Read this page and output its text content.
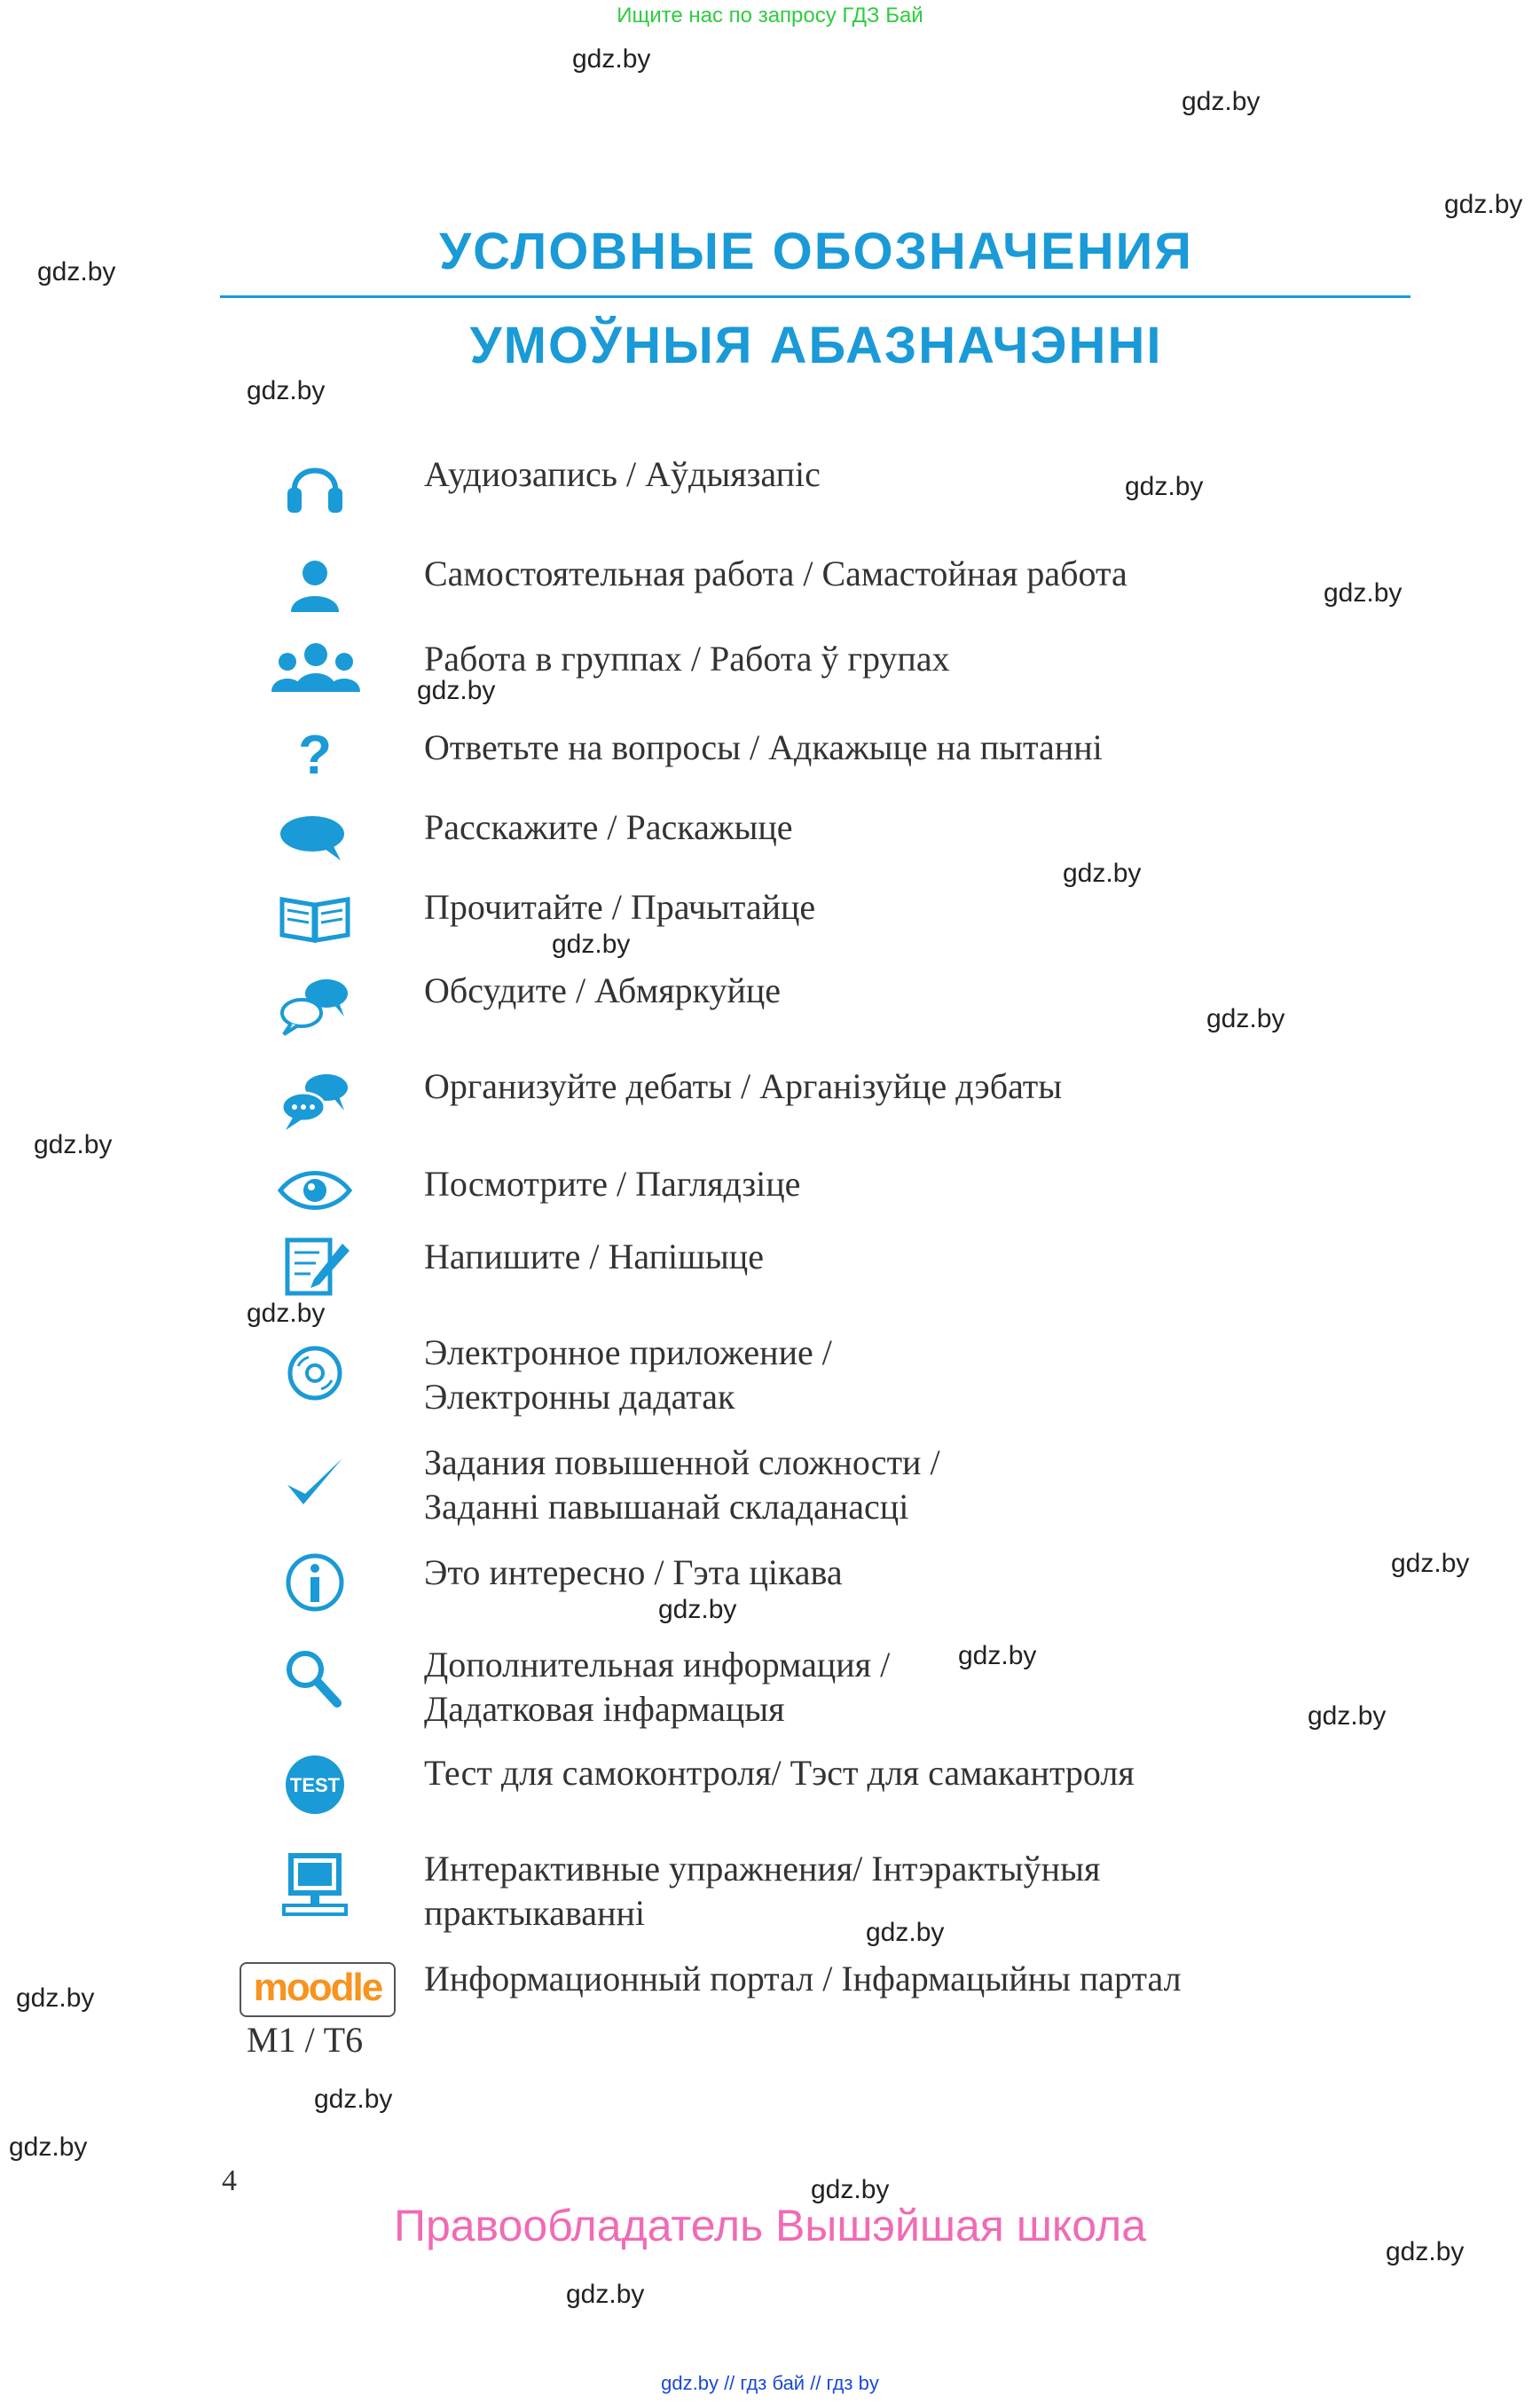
Ищите нас по запросу ГДЗ Бай
gdz.by
gdz.by
gdz.by
gdz.by
gdz.by
gdz.by
gdz.by
gdz.by
gdz.by
gdz.by
gdz.by
gdz.by
gdz.by
gdz.by
gdz.by
gdz.by
gdz.by
gdz.by
gdz.by
gdz.by
gdz.by
gdz.by
gdz.by
gdz.by
УСЛОВНЫЕ ОБОЗНАЧЕНИЯ
УМОЎНЫЯ АБАЗНАЧЭННІ
Аудиозапись / Аўдыязапіс
Самостоятельная работа / Самастойная работа
Работа в группах / Работа ў групах
?	Ответьте на вопросы / Адкажыце на пытанні
Расскажите / Раскажыце
Прочитайте / Прачытайце
Обсудите / Абмяркуйце
Организуйте дебаты / Арганізуйце дэбаты
Посмотрите / Паглядзіце
Напишите / Напішыце
Электронное приложение /
Электронны дадатак
Задания повышенной сложности /
Заданні павышанай складанасці
Это интересно / Гэта цікава
Дополнительная информация /
Дадатковая інфармацыя
TEST Тест для самоконтроля/ Тэст для самакантроля
Интерактивные упражнения/ Інтэрактыўныя
практыкаванні
Информационный портал / Інфармацыйны партал
moodle
М1 / Т6
4
Правообладатель Вышэйшая школа
gdz.by // гдз бай // гдз by
